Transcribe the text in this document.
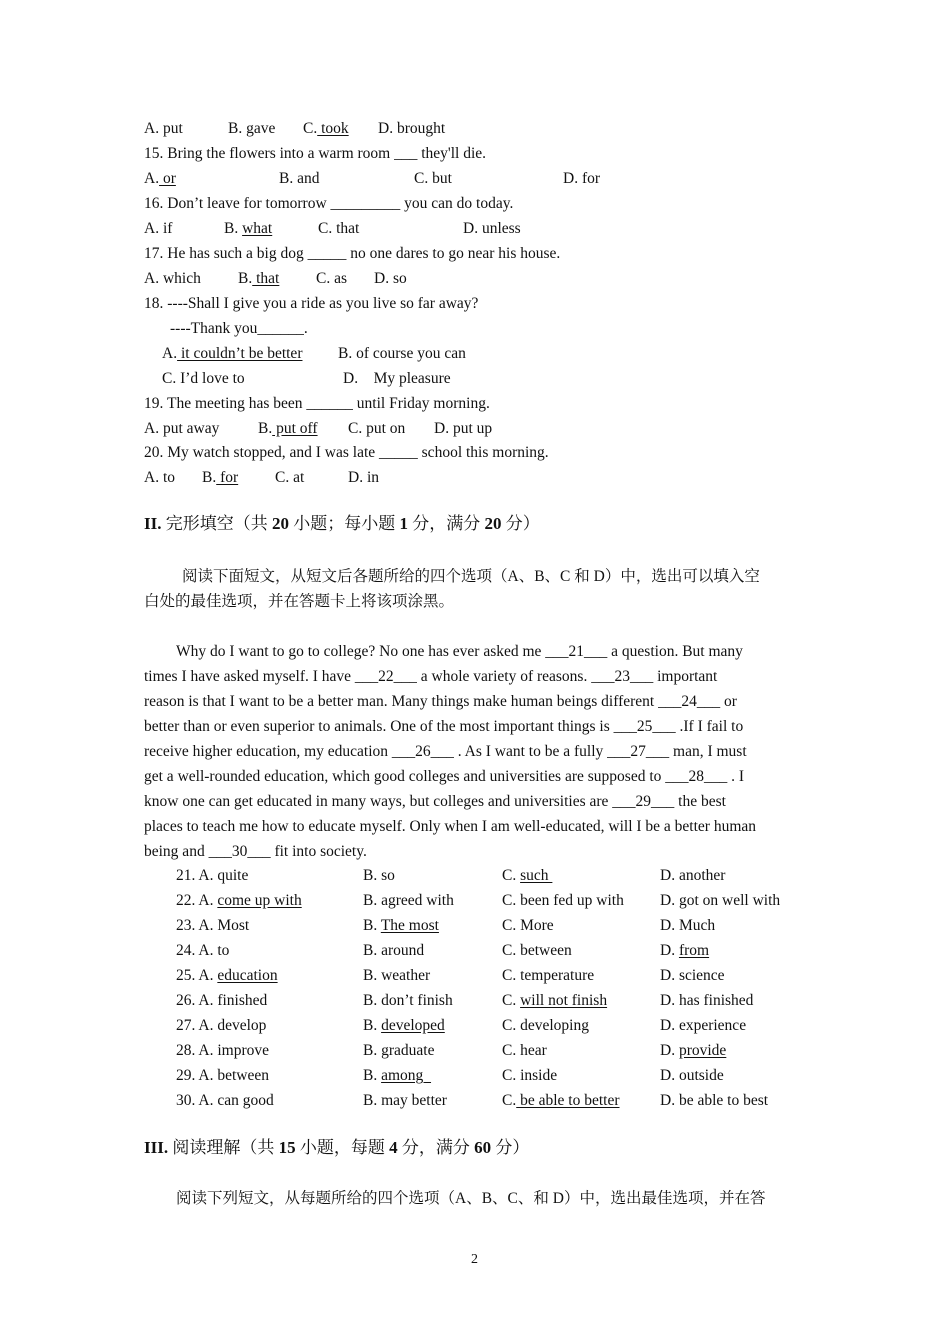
A. put	B. gave C. took D. brought
15. Bring the flowers into a warm room ___ they'll die.
A. or	B. and	C. but	D. for
16. Don’t leave for tomorrow _________ you can do today.
A. if	B. what	C. that	D. unless
17. He has such a big dog _____ no one dares to go near his house.
A. which B. that C. as D. so
18. ----Shall I give you a ride as you live so far away?
----Thank you______.
A. it couldn’t be better B. of course you can
C. I’d love to	D.    My pleasure
19. The meeting has been ______ until Friday morning.
A. put away B. put off C. put on D. put up
20. My watch stopped, and I was late _____ school this morning.
A. to B. for C. at	D. in
II. 完形填空（共 20 小题；每小题 1 分，满分 20 分）
阅读下面短文，从短文后各题所给的四个选项（A、B、C 和 D）中，选出可以填入空
白处的最佳选项，并在答题卡上将该项涂黑。
Why do I want to go to college? No one has ever asked me ___21___ a question. But many
times I have asked myself. I have ___22___ a whole variety of reasons. ___23___ important
reason is that I want to be a better man. Many things make human beings different ___24___ or
better than or even superior to animals. One of the most important things is ___25___ .If I fail to
receive higher education, my education ___26___ . As I want to be a fully ___27___ man, I must
get a well-rounded education, which good colleges and universities are supposed to ___28___ . I
know one can get educated in many ways, but colleges and universities are ___29___ the best
places to teach me how to educate myself. Only when I am well-educated, will I be a better human
being and ___30___ fit into society.
21. A. quite	B. so	C. such	D. another
22. A. come up with	B. agreed with	C. been fed up with D. got on well with
23. A. Most	B. The most	C. More	D. Much
24. A. to	B. around	C. between	D. from
25. A. education	B. weather	C. temperature	D. science
26. A. finished	B. don’t finish	C. will not finish	D. has finished
27. A. develop	B. developed	C. developing	D. experience
28. A. improve	B. graduate	C. hear	D. provide
29. A. between	B. among	C. inside	D. outside
30. A. can good	B. may better	C. be able to better	D. be able to best
III. 阅读理解（共 15 小题，每题 4 分，满分 60 分）
阅读下列短文，从每题所给的四个选项（A、B、C、和 D）中，选出最佳选项，并在答
2
